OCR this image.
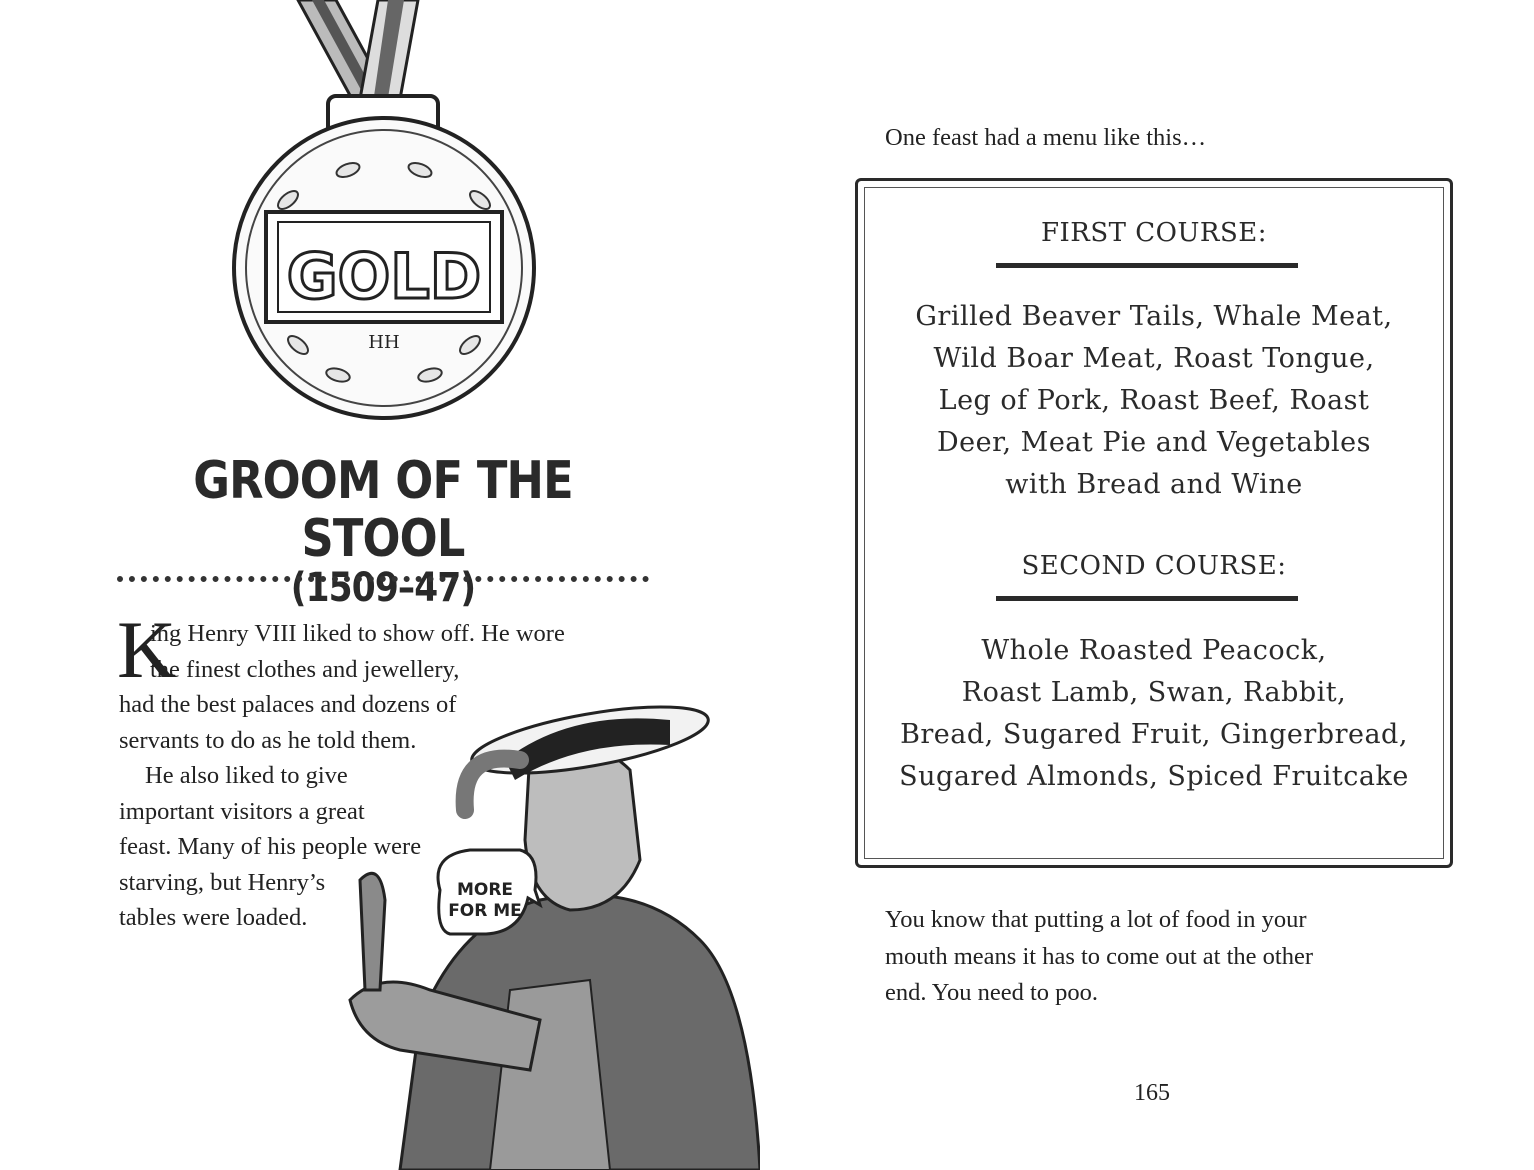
GOLD
HH
GROOM OF THE STOOL
(1509–47)
K
ing Henry VIII liked to show off. He wore
the finest clothes and jewellery,
had the best palaces and dozens of
servants to do as he told them.
He also liked to give
important visitors a great
feast. Many of his people were
starving, but Henry’s
tables were loaded.
MORE
FOR ME
One feast had a menu like this…
FIRST COURSE:
Grilled Beaver Tails, Whale Meat,
Wild Boar Meat, Roast Tongue,
Leg of Pork, Roast Beef, Roast
Deer, Meat Pie and Vegetables
with Bread and Wine
SECOND COURSE:
Whole Roasted Peacock,
Roast Lamb, Swan, Rabbit,
Bread, Sugared Fruit, Gingerbread,
Sugared Almonds, Spiced Fruitcake
You know that putting a lot of food in your
mouth means it has to come out at the other
end. You need to poo.
165
